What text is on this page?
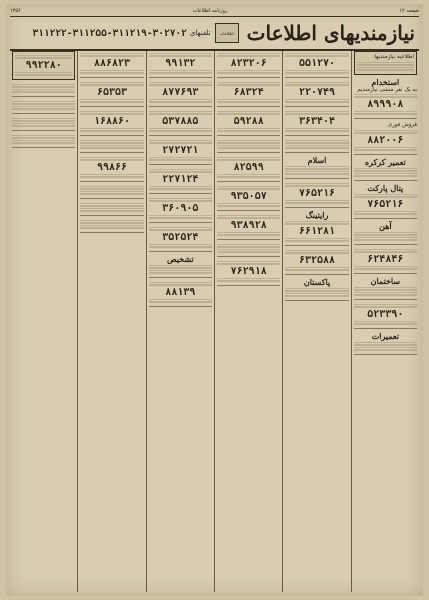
صفحه ۱۲
روزنامه اطلاعات
۱۳۵۶
نیازمندیهای اطلاعات
اطلاعات
تلفنهای
۳۱۱۲۲۲-۳۱۱۲۵۵-۳۱۱۲۱۹-۳۰۲۷۰۲
اطلاعیه نیازمندیها
استخدام
به یک نفر منشی نیازمندیم
۸۹۹۹۰۸
فروش فوری
۸۸۲۰۰۶
تعمیر کرکره
پتال پارکت
۷۶۵۲۱۶
آهن
۶۲۴۸۴۶
ساختمان
۵۲۳۳۹۰
تعمیرات
۵۵۱۲۷۰
۲۲۰۷۴۹
۳۶۳۴۰۴
اسلام
۷۶۵۲۱۶
رایتینگ
۶۶۱۲۸۱
۶۳۲۵۸۸
پاکستان
۸۲۳۲۰۶
۶۸۳۲۴
۵۹۲۸۸
۸۲۵۹۹
۹۳۵۰۵۷
۹۳۸۹۲۸
۷۶۲۹۱۸
۹۹۱۳۲
۸۷۷۶۹۳
۵۳۷۸۸۵
۲۷۲۷۲۱
۲۲۷۱۲۴
۳۶۰۹۰۵
۳۵۲۵۲۴
تشخیص
۸۸۱۳۹
۸۸۶۸۲۳
۶۵۳۵۳
۱۶۸۸۶۰
۹۹۸۶۶
۹۹۲۲۸۰
